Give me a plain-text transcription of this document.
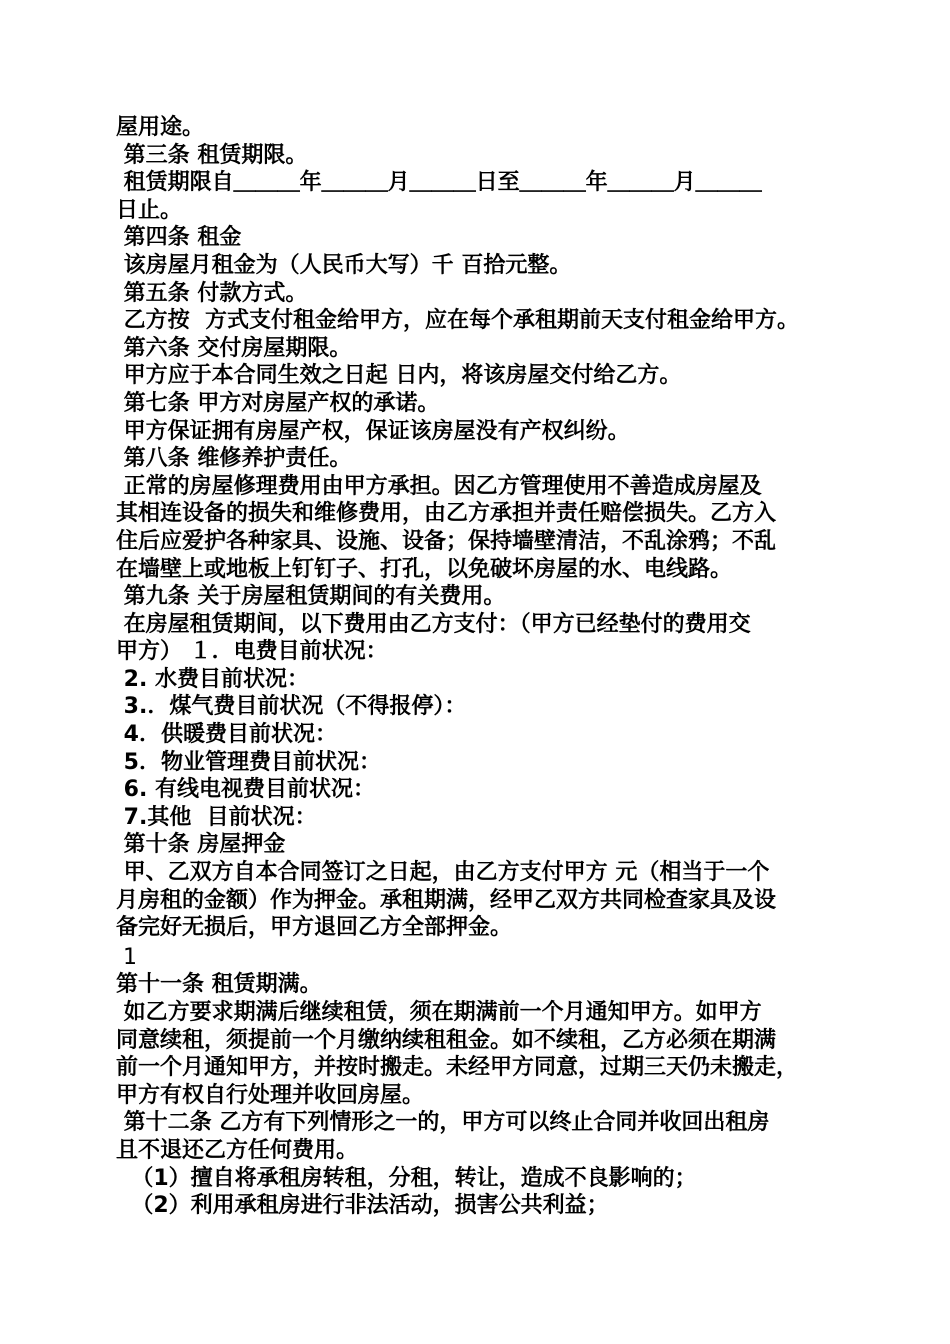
屋用途。
第三条 租赁期限。
租赁期限自＿＿＿年＿＿＿月＿＿＿日至＿＿＿年＿＿＿月＿＿＿
日止。
第四条 租金
该房屋月租金为（人民币大写）千 百拾元整。
第五条 付款方式。
乙方按  方式支付租金给甲方，应在每个承租期前天支付租金给甲方。
第六条 交付房屋期限。
甲方应于本合同生效之日起 日内，将该房屋交付给乙方。
第七条 甲方对房屋产权的承诺。
甲方保证拥有房屋产权，保证该房屋没有产权纠纷。
第八条 维修养护责任。
正常的房屋修理费用由甲方承担。因乙方管理使用不善造成房屋及
其相连设备的损失和维修费用，由乙方承担并责任赔偿损失。乙方入
住后应爱护各种家具、设施、设备；保持墙壁清洁，不乱涂鸦；不乱
在墙壁上或地板上钉钉子、打孔，以免破坏房屋的水、电线路。
第九条 关于房屋租赁期间的有关费用。
在房屋租赁期间，以下费用由乙方支付：（甲方已经垫付的费用交
甲方） １．电费目前状况：
2. 水费目前状况：
3.．煤气费目前状况（不得报停）：
4．供暖费目前状况：
5．物业管理费目前状况：
6. 有线电视费目前状况：
7.其他  目前状况：
第十条 房屋押金
甲、乙双方自本合同签订之日起，由乙方支付甲方 元（相当于一个
月房租的金额）作为押金。承租期满，经甲乙双方共同检查家具及设
备完好无损后，甲方退回乙方全部押金。
1
第十一条 租赁期满。
如乙方要求期满后继续租赁，须在期满前一个月通知甲方。如甲方
同意续租，须提前一个月缴纳续租租金。如不续租，乙方必须在期满
前一个月通知甲方，并按时搬走。未经甲方同意，过期三天仍未搬走，
甲方有权自行处理并收回房屋。
第十二条 乙方有下列情形之一的，甲方可以终止合同并收回出租房
且不退还乙方任何费用。
（1）擅自将承租房转租，分租，转让，造成不良影响的；
（2）利用承租房进行非法活动，损害公共利益；
